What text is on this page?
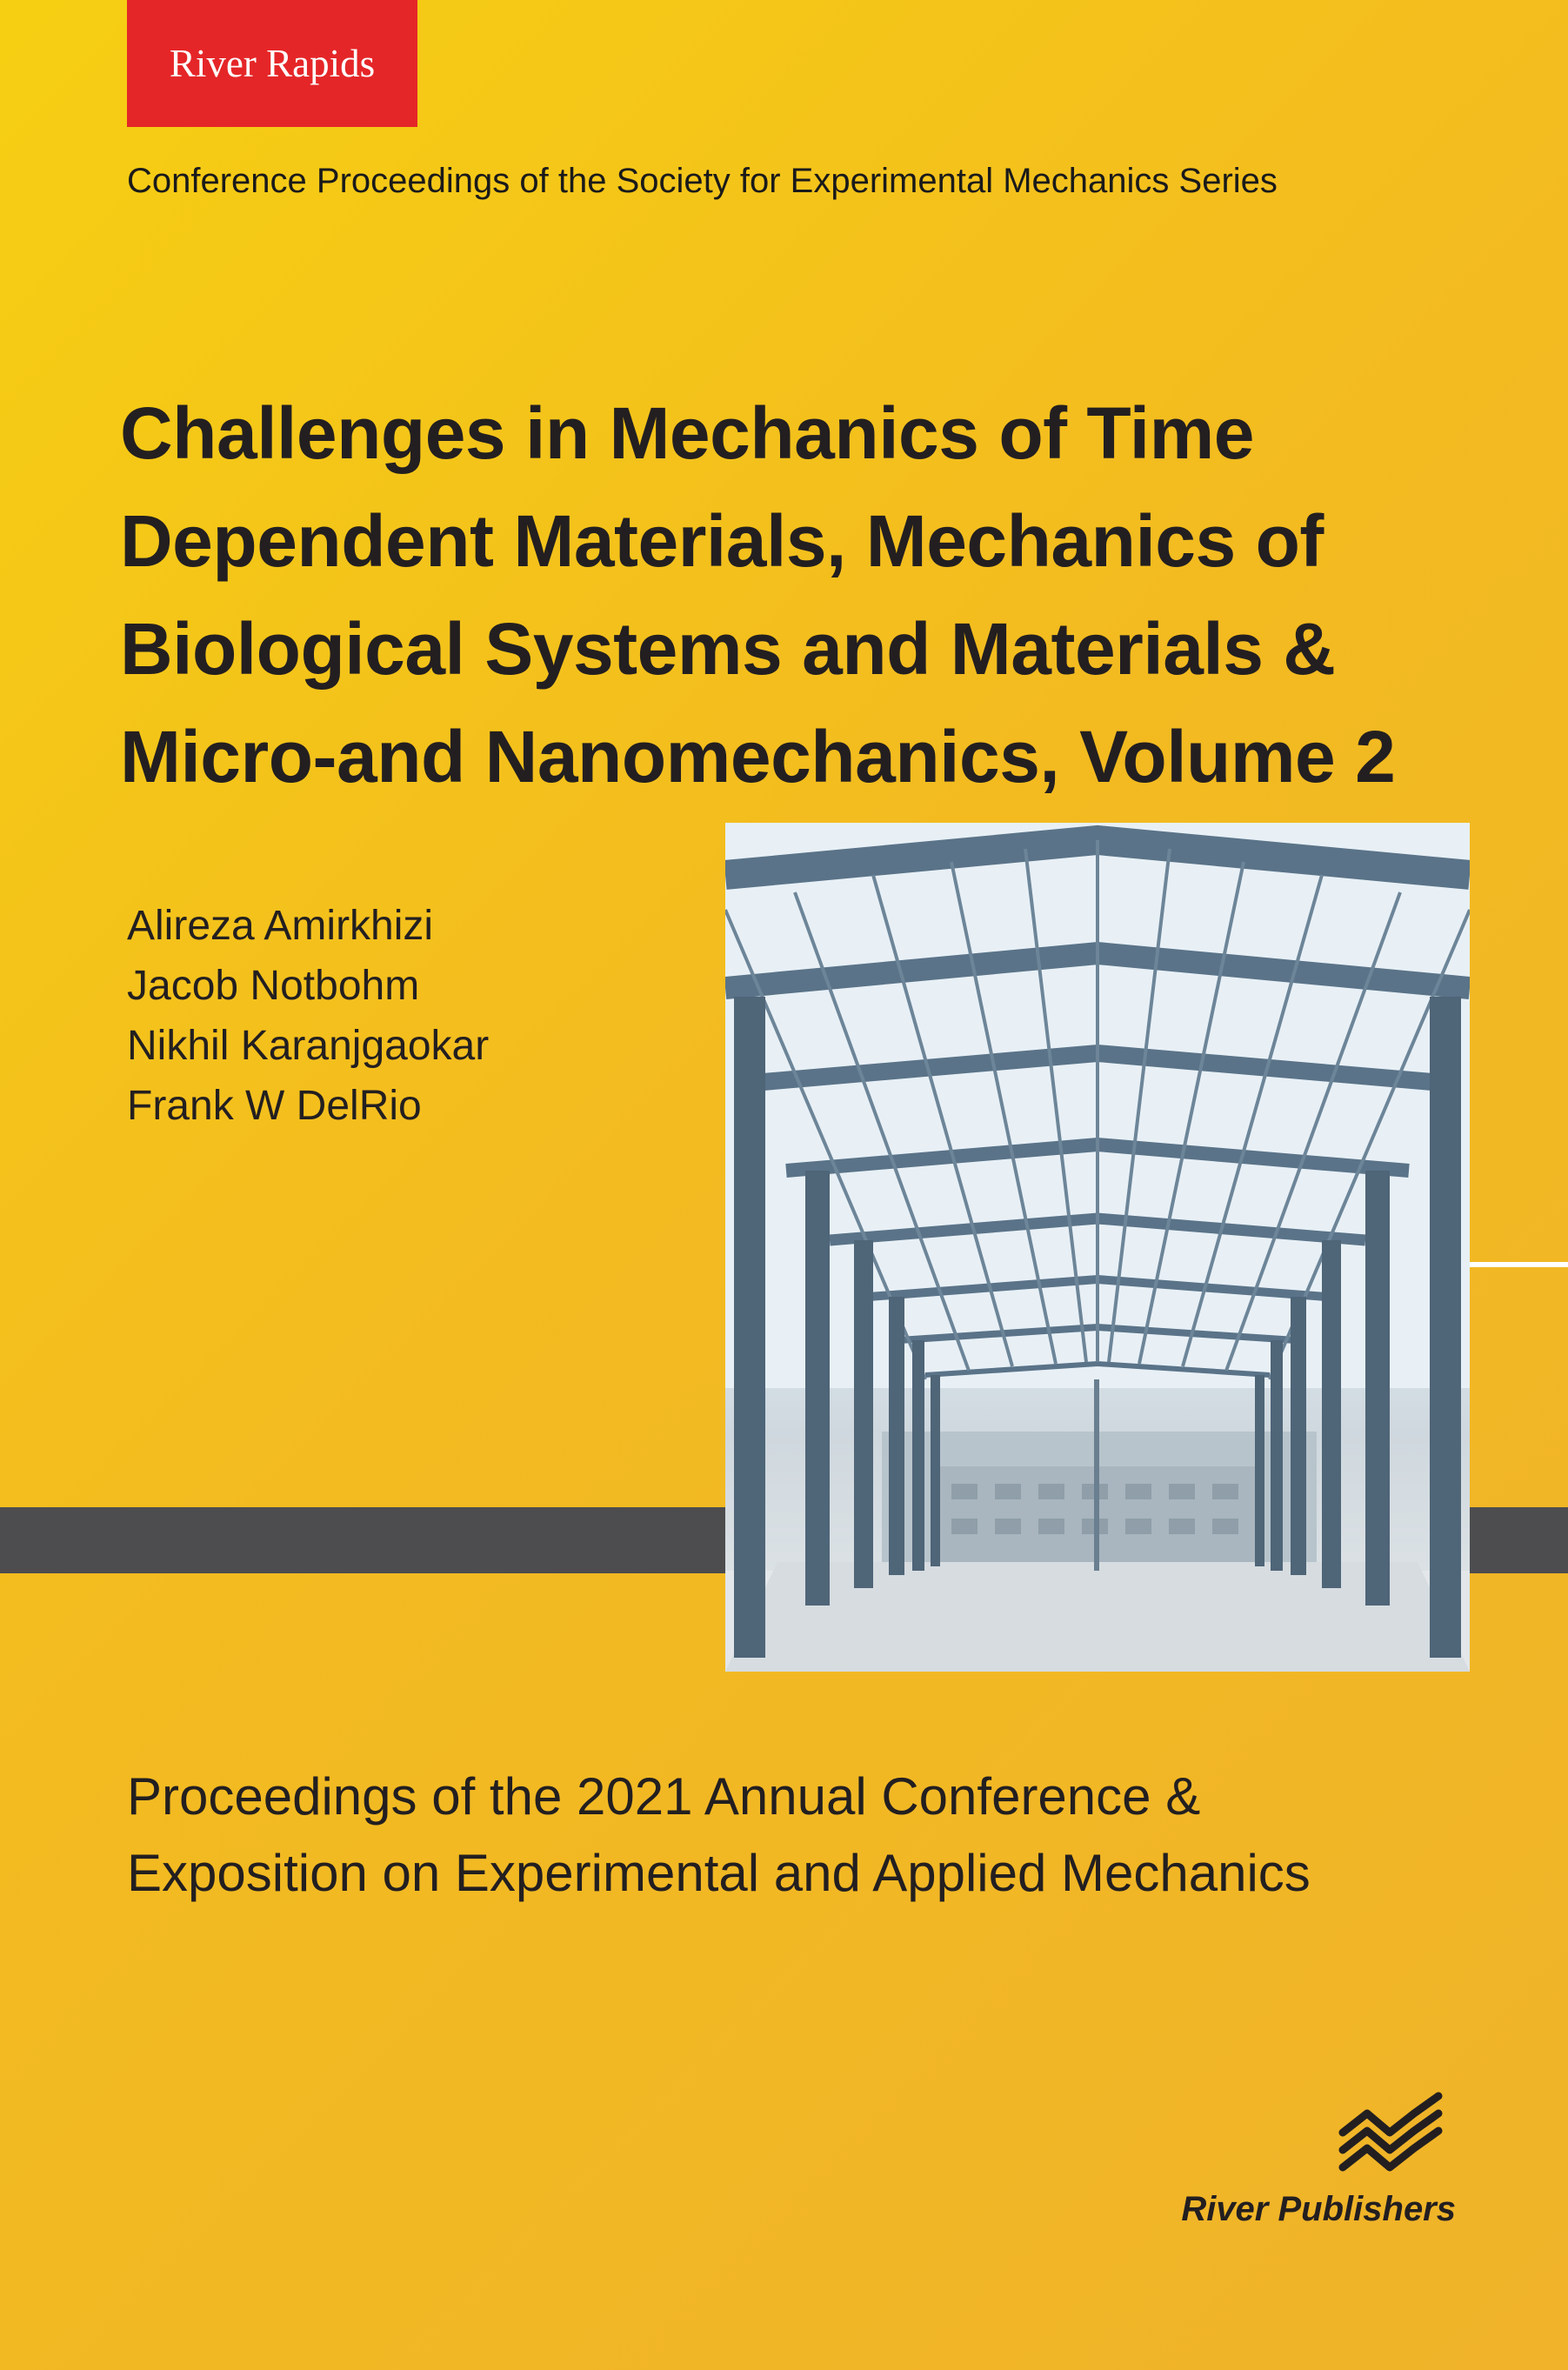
River Rapids
Conference Proceedings of the Society for Experimental Mechanics Series
Challenges in Mechanics of Time
Dependent Materials, Mechanics of
Biological Systems and Materials &
Micro-and Nanomechanics, Volume 2
Alireza Amirkhizi
Jacob Notbohm
Nikhil Karanjgaokar
Frank W DelRio
Proceedings of the 2021 Annual Conference &
Exposition on Experimental and Applied Mechanics
River Publishers
